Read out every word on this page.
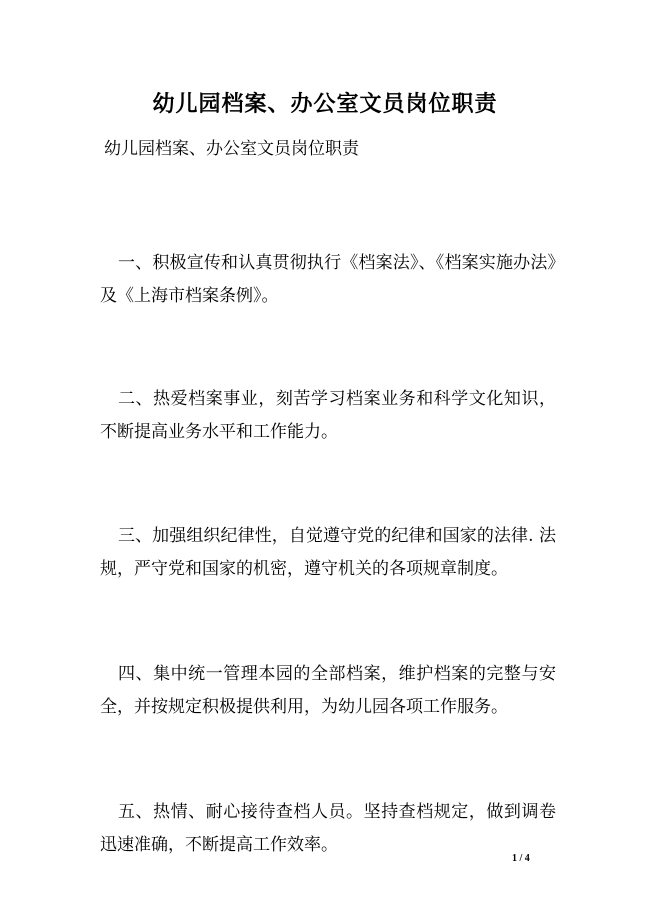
幼儿园档案、办公室文员岗位职责
幼儿园档案、办公室文员岗位职责

一、积极宣传和认真贯彻执行《档案法》、《档案实施办法》及《上海市档案条例》。

二、热爱档案事业，刻苦学习档案业务和科学文化知识，不断提高业务水平和工作能力。

三、加强组织纪律性，自觉遵守党的纪律和国家的法律. 法规，严守党和国家的机密，遵守机关的各项规章制度。

四、集中统一管理本园的全部档案，维护档案的完整与安全，并按规定积极提供利用，为幼儿园各项工作服务。

五、热情、耐心接待查档人员。坚持查档规定，做到调卷迅速准确，不断提高工作效率。

1 / 4
